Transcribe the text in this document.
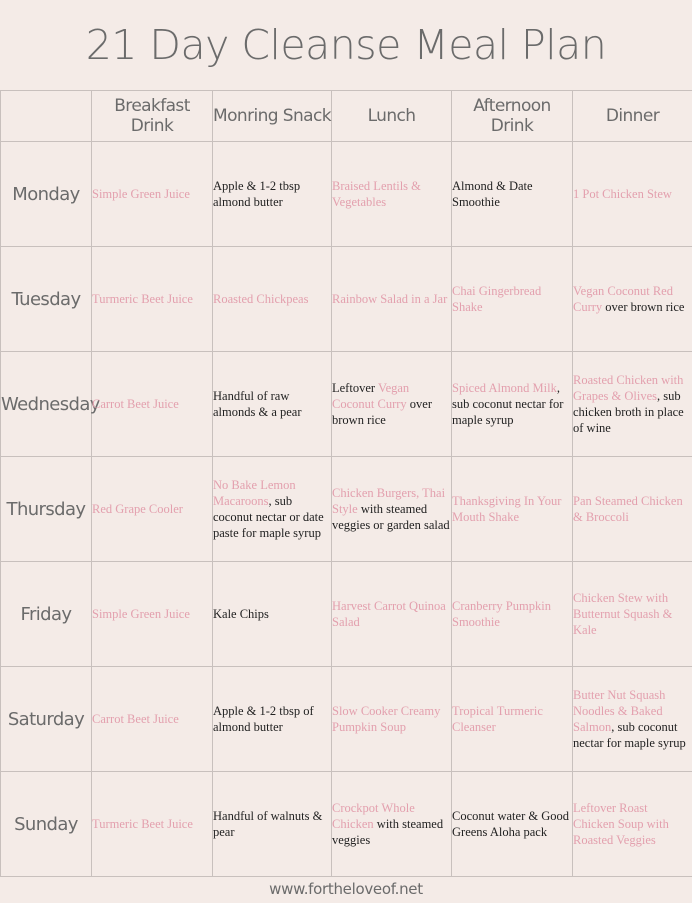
21 Day Cleanse Meal Plan
	Breakfast Drink	Monring Snack	Lunch	Afternoon Drink	Dinner
Monday	Simple Green Juice	Apple & 1-2 tbsp almond butter	Braised Lentils & Vegetables	Almond & Date Smoothie	1 Pot Chicken Stew
Tuesday	Turmeric Beet Juice	Roasted Chickpeas	Rainbow Salad in a Jar	Chai Gingerbread Shake	Vegan Coconut Red Curry over brown rice
Wednesday	Carrot Beet Juice	Handful of raw almonds & a pear	Leftover Vegan Coconut Curry over brown rice	Spiced Almond Milk, sub coconut nectar for maple syrup	Roasted Chicken with Grapes & Olives, sub chicken broth in place of wine
Thursday	Red Grape Cooler	No Bake Lemon Macaroons, sub coconut nectar or date paste for maple syrup	Chicken Burgers, Thai Style with steamed veggies or garden salad	Thanksgiving In Your Mouth Shake	Pan Steamed Chicken & Broccoli
Friday	Simple Green Juice	Kale Chips	Harvest Carrot Quinoa Salad	Cranberry Pumpkin Smoothie	Chicken Stew with Butternut Squash & Kale
Saturday	Carrot Beet Juice	Apple & 1-2 tbsp of almond butter	Slow Cooker Creamy Pumpkin Soup	Tropical Turmeric Cleanser	Butter Nut Squash Noodles & Baked Salmon, sub coconut nectar for maple syrup
Sunday	Turmeric Beet Juice	Handful of walnuts & pear	Crockpot Whole Chicken with steamed veggies	Coconut water & Good Greens Aloha pack	Leftover Roast Chicken Soup with Roasted Veggies
www.fortheloveof.net
